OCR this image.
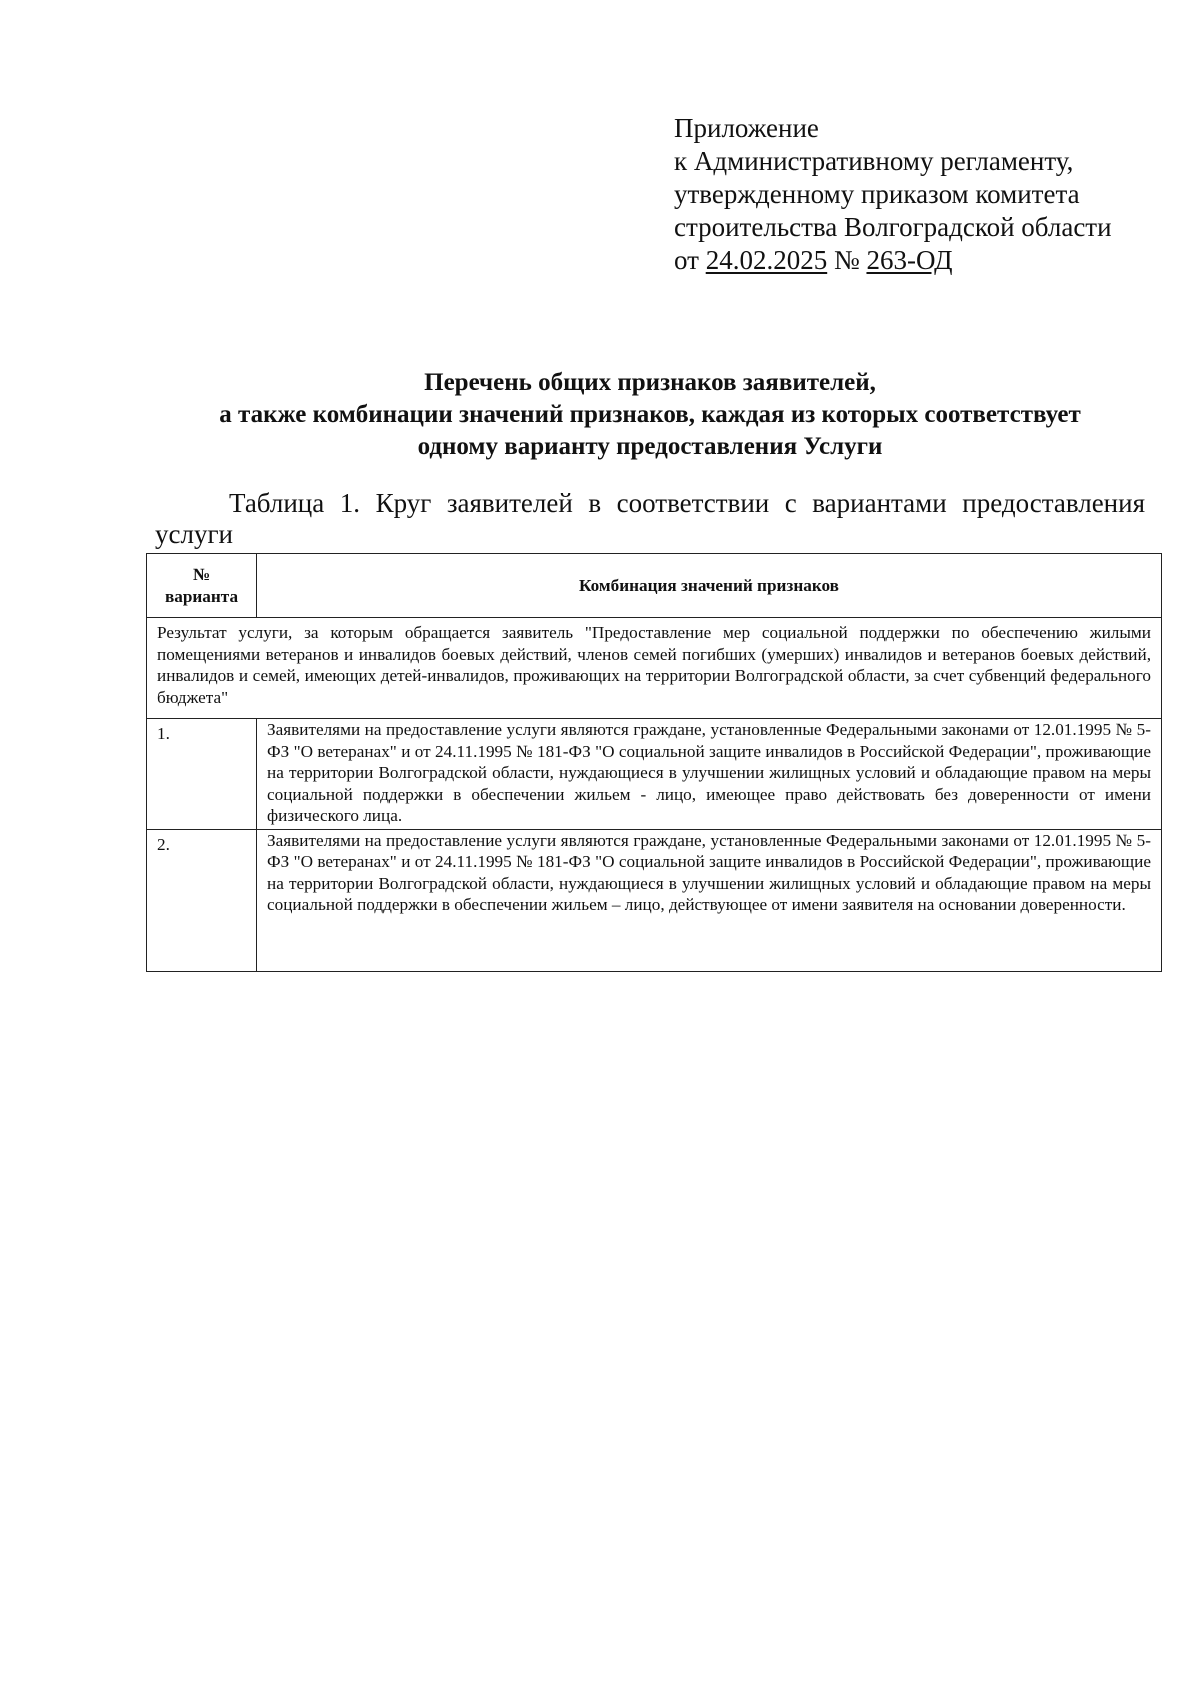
Приложение
к Административному регламенту,
утвержденному приказом комитета
строительства Волгоградской области
от 24.02.2025 № 263-ОД
Перечень общих признаков заявителей,
а также комбинации значений признаков, каждая из которых соответствует
одному варианту предоставления Услуги
Таблица 1. Круг заявителей в соответствии с вариантами предоставления
услуги
№
варианта	Комбинация значений признаков
Результат услуги, за которым обращается заявитель "Предоставление мер социальной поддержки по обеспечению жилыми помещениями ветеранов и инвалидов боевых действий, членов семей погибших (умерших) инвалидов и ветеранов боевых действий, инвалидов и семей, имеющих детей-инвалидов, проживающих на территории Волгоградской области, за счет субвенций федерального бюджета"	
1.	Заявителями на предоставление услуги являются граждане, установленные Федеральными законами от 12.01.1995 № 5-ФЗ "О ветеранах" и от 24.11.1995 № 181-ФЗ "О социальной защите инвалидов в Российской Федерации", проживающие на территории Волгоградской области, нуждающиеся в улучшении жилищных условий и обладающие правом на меры социальной поддержки в обеспечении жильем - лицо, имеющее право действовать без доверенности от имени физического лица.
2.	Заявителями на предоставление услуги являются граждане, установленные Федеральными законами от 12.01.1995 № 5-ФЗ "О ветеранах" и от 24.11.1995 № 181-ФЗ "О социальной защите инвалидов в Российской Федерации", проживающие на территории Волгоградской области, нуждающиеся в улучшении жилищных условий и обладающие правом на меры социальной поддержки в обеспечении жильем – лицо, действующее от имени заявителя на основании доверенности.
